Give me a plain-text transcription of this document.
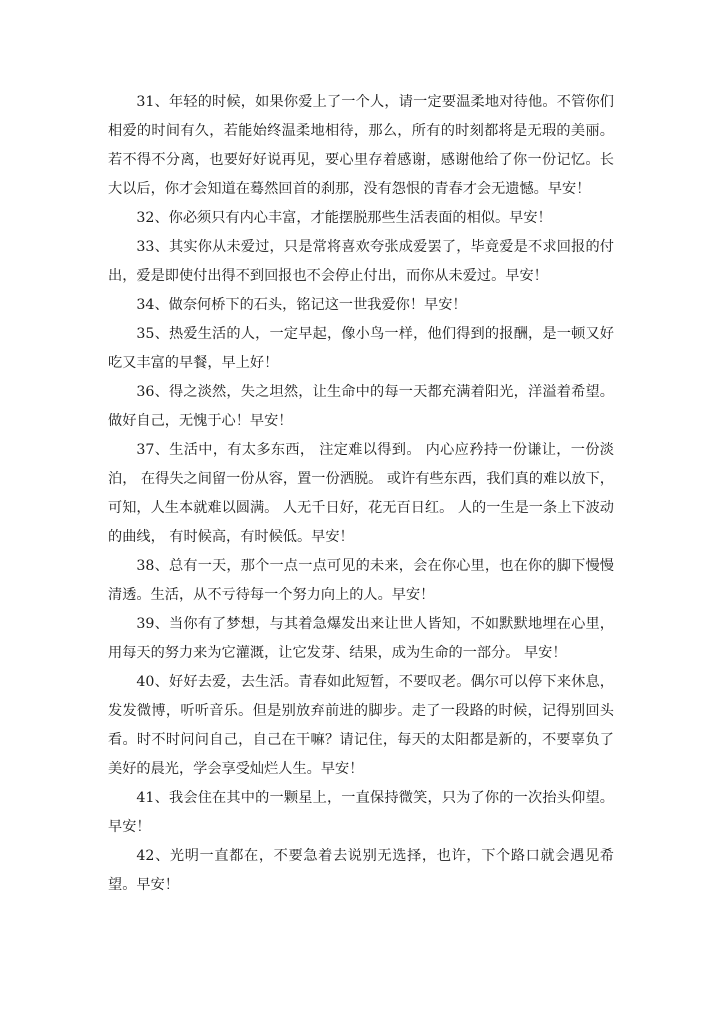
31、年轻的时候，如果你爱上了一个人，请一定要温柔地对待他。不管你们相爱的时间有久，若能始终温柔地相待，那么，所有的时刻都将是无瑕的美丽。若不得不分离，也要好好说再见，要心里存着感谢，感谢他给了你一份记忆。长大以后，你才会知道在蓦然回首的刹那，没有怨恨的青春才会无遗憾。早安！

32、你必须只有内心丰富，才能摆脱那些生活表面的相似。早安！

33、其实你从未爱过，只是常将喜欢夸张成爱罢了，毕竟爱是不求回报的付出，爱是即使付出得不到回报也不会停止付出，而你从未爱过。早安！

34、做奈何桥下的石头，铭记这一世我爱你！早安！

35、热爱生活的人，一定早起，像小鸟一样，他们得到的报酬，是一顿又好吃又丰富的早餐，早上好！

36、得之淡然，失之坦然，让生命中的每一天都充满着阳光，洋溢着希望。做好自己，无愧于心！早安！

37、生活中，有太多东西， 注定难以得到。 内心应矜持一份谦让，一份淡泊， 在得失之间留一份从容，置一份洒脱。 或许有些东西，我们真的难以放下， 可知，人生本就难以圆满。 人无千日好，花无百日红。 人的一生是一条上下波动的曲线， 有时候高，有时候低。早安！

38、总有一天，那个一点一点可见的未来，会在你心里，也在你的脚下慢慢清透。生活，从不亏待每一个努力向上的人。早安！

39、当你有了梦想，与其着急爆发出来让世人皆知，不如默默地埋在心里，用每天的努力来为它灌溉，让它发芽、结果，成为生命的一部分。 早安！

40、好好去爱，去生活。青春如此短暂，不要叹老。偶尔可以停下来休息，发发微博，听听音乐。但是别放弃前进的脚步。走了一段路的时候，记得别回头看。时不时问问自己，自己在干嘛？请记住，每天的太阳都是新的，不要辜负了美好的晨光，学会享受灿烂人生。早安！

41、我会住在其中的一颗星上，一直保持微笑，只为了你的一次抬头仰望。早安！

42、光明一直都在，不要急着去说别无选择，也许，下个路口就会遇见希望。早安！
